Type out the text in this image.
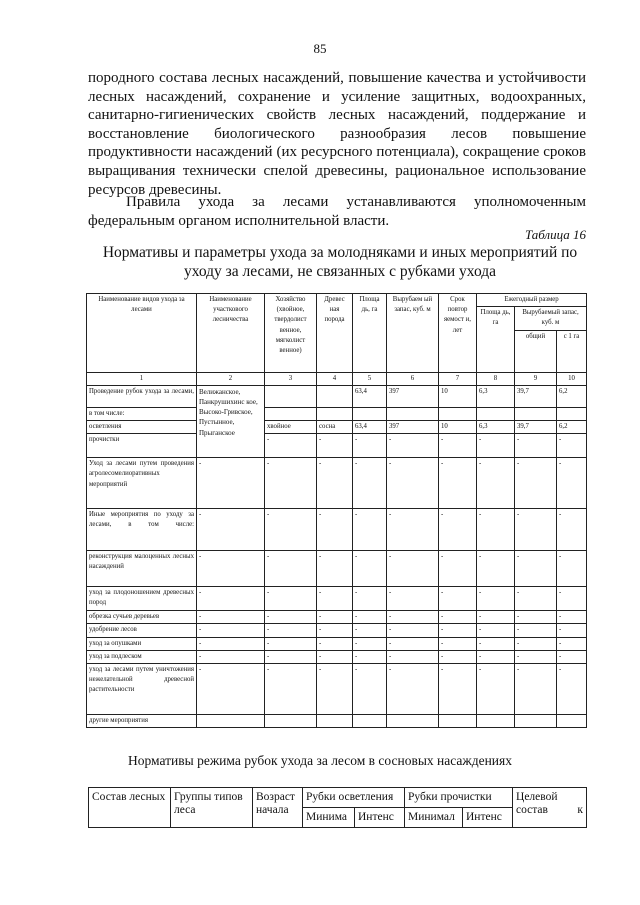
85

породного состава лесных насаждений, повышение качества и устойчивости
лесных насаждений, сохранение и усиление защитных, водоохранных,
санитарно-гигиенических свойств лесных насаждений, поддержание и
восстановление биологического разнообразия лесов повышение
продуктивности насаждений (их ресурсного потенциала), сокращение сроков
выращивания технически спелой древесины, рациональное использование
ресурсов древесины.

Правила ухода за лесами устанавливаются уполномоченным
федеральным органом исполнительной власти.

Таблица 16
Нормативы и параметры ухода за молодняками и иных мероприятий по
уходу за лесами, не связанных с рубками ухода
Наименование видов ухода за лесами	Наименование участкового лесничества	Хозяйство (хвойное, твердолист венное, мягколист венное)	Древес ная порода	Площа дь, га	Вырубаем ый запас, куб. м	Срок повтор яемост и, лет	Ежегодный размер		
							Площа дь, га	Вырубаемый запас, куб. м	
								общий	с 1 га
1	2	3	4	5	6	7	8	9	10
Проведение рубок ухода за лесами,	Велижанское, Панкрушихинс кое, Высоко-Гривское, Пустынное, Прыганское			63,4	397	10	6,3	39,7	6,2
в том числе:									
осветления		хвойное	сосна	63,4	397	10	6,3	39,7	6,2
прочистки		-	-	-	-	-	-	-	-
Уход за лесами путем проведения агролесомелиоративных мероприятий	-	-	-	-	-	-	-	-	-
Иные мероприятия по уходу за лесами, в том числе:	-	-	-	-	-	-	-	-	-
реконструкция малоценных лесных насаждений	-	-	-	-	-	-	-	-	-
уход за плодоношением древесных пород	-	-	-	-	-	-	-	-	-
обрезка сучьев деревьев	-	-	-	-	-	-	-	-	-
удобрение лесов	-	-	-	-	-	-	-	-	-
уход за опушками	-	-	-	-	-	-	-	-	-
уход за подлеском	-	-	-	-	-	-	-	-	-
уход за лесами путем уничтожения нежелательной древесной растительности	-	-	-	-	-	-	-	-	-
другие мероприятия									
Нормативы режима рубок ухода за лесом в сосновых насаждениях
Состав лесных	Группы типов леса	Возраст начала	Рубки осветления		Рубки прочистки		Целевой
состав к

			Минима	Интенс	Минимал	Интенс	
